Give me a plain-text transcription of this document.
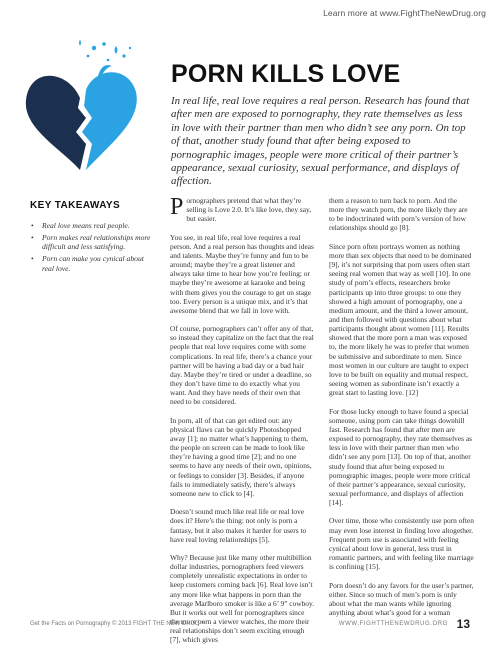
Learn more at www.FightTheNewDrug.org
PORN KILLS LOVE

In real life, real love requires a real person. Research has found that after men are exposed to pornography, they rate themselves as less in love with their partner than men who didn’t see any porn. On top of that, another study found that after being exposed to pornographic images, people were more critical of their partner’s appearance, sexual curiosity, sexual performance, and displays of affection.

KEY TAKEAWAYS
• Real love means real people.
• Porn makes real relationships more difficult and less satisfying.
• Porn can make you cynical about real love.

Pornographers pretend that what they’re selling is Love 2.0. It’s like love, they say, but easier.

You see, in real life, real love requires a real person. And a real person has thoughts and ideas and talents. Maybe they’re funny and fun to be around; maybe they’re a great listener and always take time to hear how you’re feeling; or maybe they’re awesome at karaoke and being with them gives you the courage to get on stage too. Every person is a unique mix, and it’s that awesome blend that we fall in love with.

Of course, pornographers can’t offer any of that, so instead they capitalize on the fact that the real people that real love requires come with some complications. In real life, there’s a chance your partner will be having a bad day or a bad hair day. Maybe they’re tired or under a deadline, so they don’t have time to do exactly what you want. And they have needs of their own that need to be considered.

In porn, all of that can get edited out: any physical flaws can be quickly Photoshopped away [1]; no matter what’s happening to them, the people on screen can be made to look like they’re having a good time [2]; and no one seems to have any needs of their own, opinions, or feelings to consider [3]. Besides, if anyone fails to immediately satisfy, there’s always someone new to click to [4].

Doesn’t sound much like real life or real love does it? Here’s the thing: not only is porn a fantasy, but it also makes it harder for users to have real loving relationships [5].

Why? Because just like many other multibillion dollar industries, pornographers feed viewers completely unrealistic expectations in order to keep customers coming back [6]. Real love isn’t any more like what happens in porn than the average Marlboro smoker is like a 6’ 9” cowboy. But it works out well for pornographers since the more porn a viewer watches, the more their real relationships don’t seem exciting enough [7], which gives

them a reason to turn back to porn. And the more they watch porn, the more likely they are to be indoctrinated with porn’s version of how relationships should go [8].

Since porn often portrays women as nothing more than sex objects that need to be dominated [9], it’s not surprising that porn users often start seeing real women that way as well [10]. In one study of porn’s effects, researchers broke participants up into three groups: to one they showed a high amount of pornography, one a medium amount, and the third a lower amount, and then followed with questions about what participants thought about women [11]. Results showed that the more porn a man was exposed to, the more likely he was to prefer that women be submissive and subordinate to men. Since most women in our culture are taught to expect love to be built on equality and mutual respect, seeing women as subordinate isn’t exactly a great start to lasting love. [12]

For those lucky enough to have found a special someone, using porn can take things downhill fast. Research has found that after men are exposed to pornography, they rate themselves as less in love with their partner than men who didn’t see any porn [13]. On top of that, another study found that after being exposed to pornographic images, people were more critical of their partner’s appearance, sexual curiosity, sexual performance, and displays of affection [14].

Over time, those who consistently use porn often may even lose interest in finding love altogether. Frequent porn use is associated with feeling cynical about love in general, less trust in romantic partners, and with feeling like marriage is confining [15].

Porn doesn’t do any favors for the user’s partner, either. Since so much of men’s porn is only about what the man wants while ignoring anything about what’s good for a woman

Get the Facts on Pornography © 2013 FIGHT THE NEW DRUG™	WWW.FIGHTTHENEWDRUG.ORG 13
